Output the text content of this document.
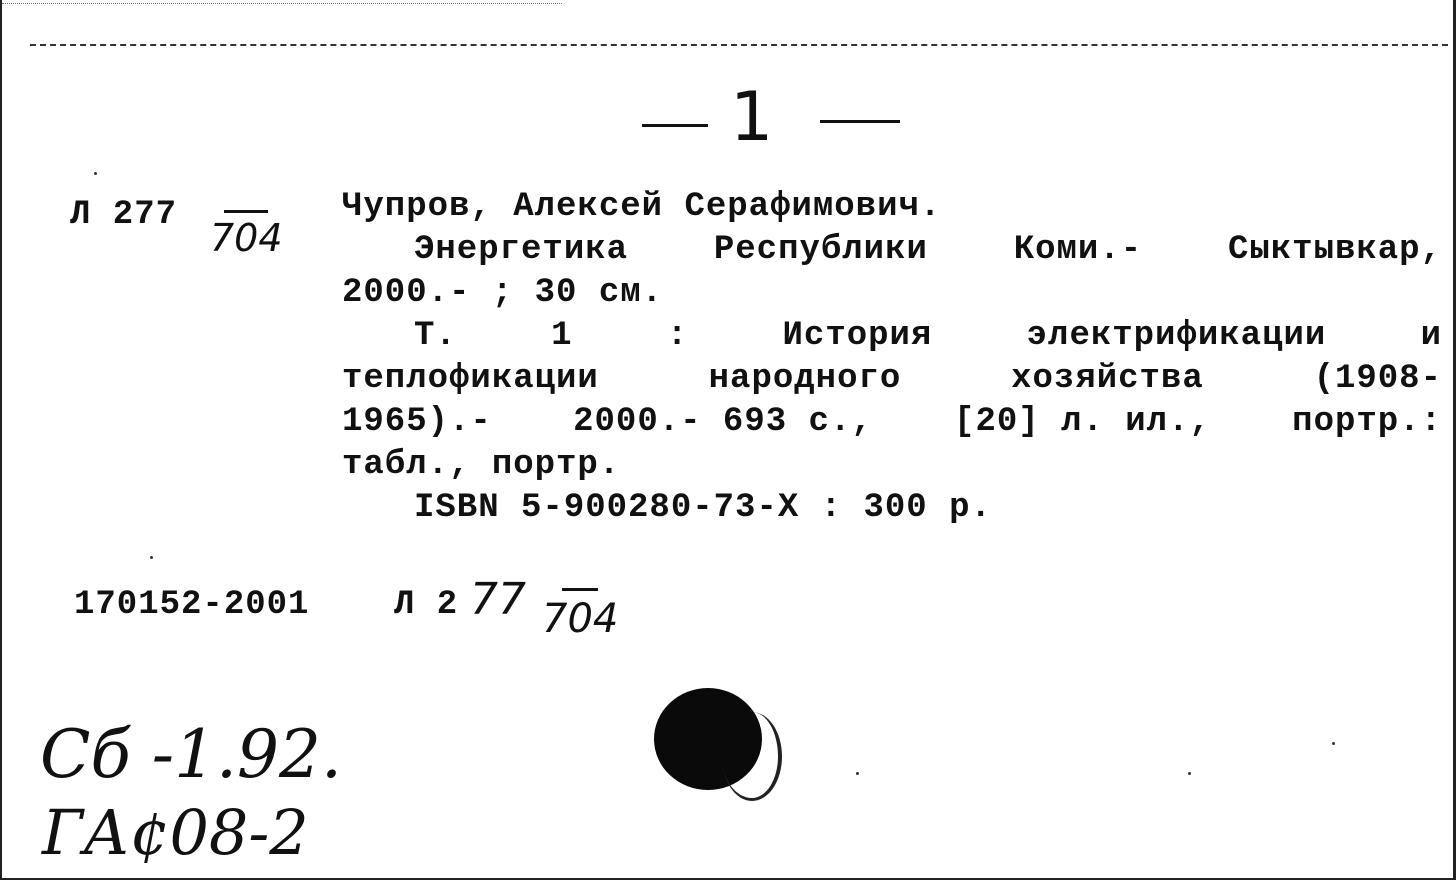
1
Л 277
704
Чупров, Алексей Серафимович.
Энергетика	Республики	Коми.-	Сыктывкар,
2000.- ; 30 см.
Т.	1	:	История	электрификации	и
теплофикации	народного	хозяйства	(1908-
1965).- 2000.- 693 с., [20] л. ил., портр.:
табл., портр.
ISBN 5-900280-73-X : 300 р.
170152-2001 Л 2 77 704
Сб -1.92.
ГА¢08-2
